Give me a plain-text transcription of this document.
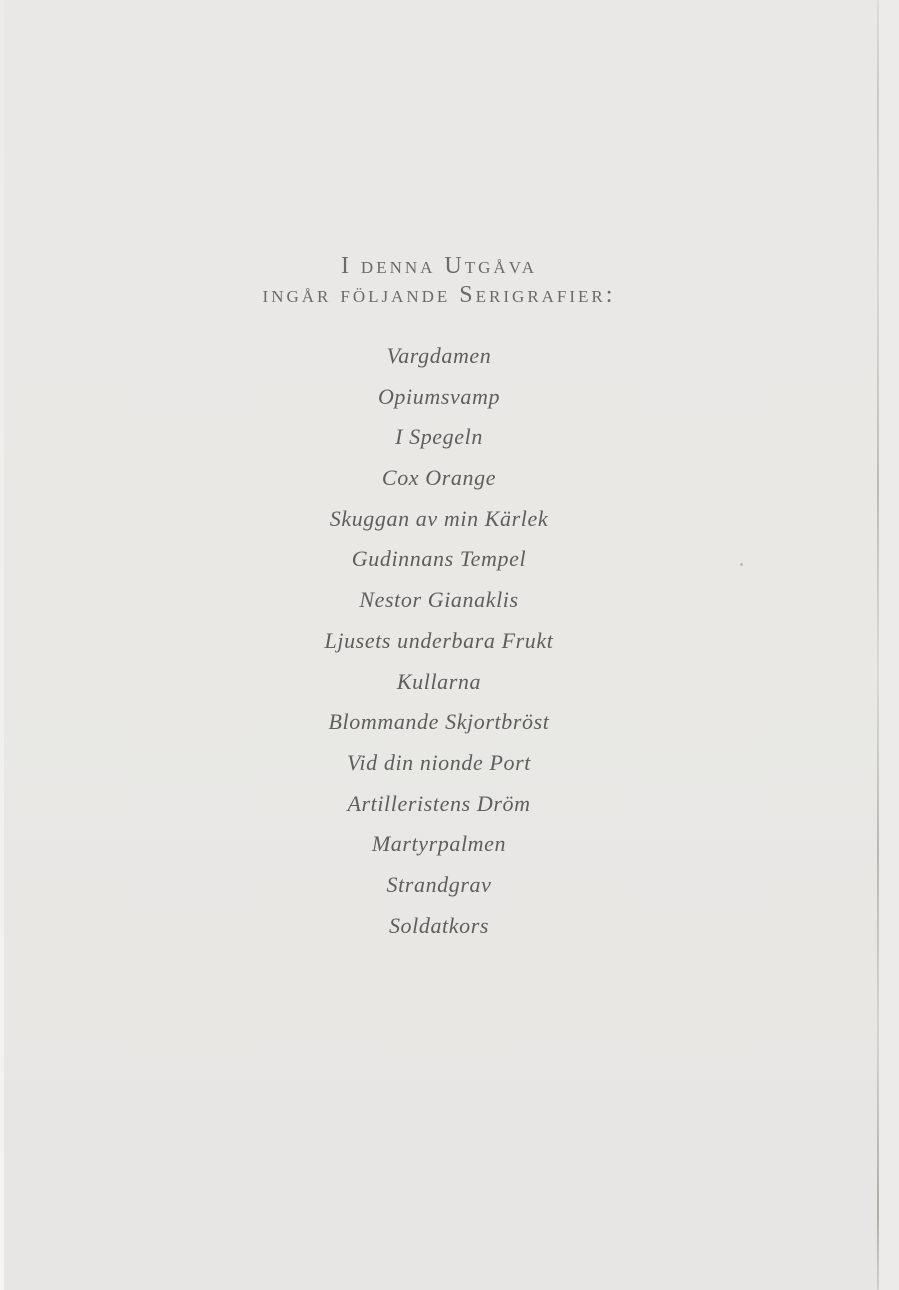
I denna Utgåva
ingår följande Serigrafier:
Vargdamen
Opiumsvamp
I Spegeln
Cox Orange
Skuggan av min Kärlek
Gudinnans Tempel
Nestor Gianaklis
Ljusets underbara Frukt
Kullarna
Blommande Skjortbröst
Vid din nionde Port
Artilleristens Dröm
Martyrpalmen
Strandgrav
Soldatkors
